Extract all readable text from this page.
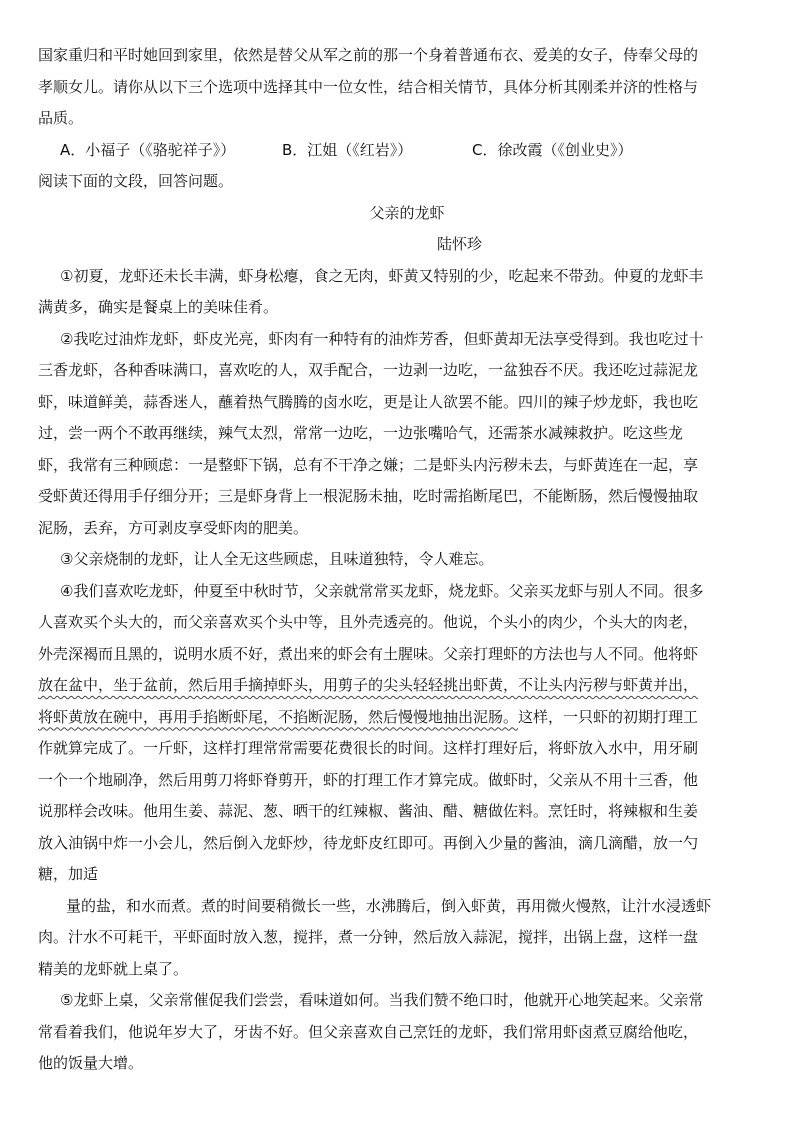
国家重归和平时她回到家里，依然是替父从军之前的那一个身着普通布衣、爱美的女子，侍奉父母的
孝顺女儿。请你从以下三个选项中选择其中一位女性，结合相关情节，具体分析其刚柔并济的性格与
品质。
A．小福子（《骆驼祥子》）	B．江姐（《红岩》）	C．徐改霞（《创业史》）
阅读下面的文段，回答问题。
父亲的龙虾
陆怀珍
①初夏，龙虾还未长丰满，虾身松瘪，食之无肉，虾黄又特别的少，吃起来不带劲。仲夏的龙虾丰
满黄多，确实是餐桌上的美味佳肴。
②我吃过油炸龙虾，虾皮光亮，虾肉有一种特有的油炸芳香，但虾黄却无法享受得到。我也吃过十
三香龙虾，各种香味满口，喜欢吃的人，双手配合，一边剥一边吃，一盆独吞不厌。我还吃过蒜泥龙
虾，味道鲜美，蒜香迷人，蘸着热气腾腾的卤水吃，更是让人欲罢不能。四川的辣子炒龙虾，我也吃
过，尝一两个不敢再继续，辣气太烈，常常一边吃，一边张嘴哈气，还需茶水减辣救护。吃这些龙
虾，我常有三种顾虑：一是整虾下锅，总有不干净之嫌；二是虾头内污秽未去，与虾黄连在一起，享
受虾黄还得用手仔细分开；三是虾身背上一根泥肠未抽，吃时需掐断尾巴，不能断肠，然后慢慢抽取
泥肠，丢弃，方可剥皮享受虾肉的肥美。
③父亲烧制的龙虾，让人全无这些顾虑，且味道独特，令人难忘。
④我们喜欢吃龙虾，仲夏至中秋时节，父亲就常常买龙虾，烧龙虾。父亲买龙虾与别人不同。很多
人喜欢买个头大的，而父亲喜欢买个头中等，且外壳透亮的。他说，个头小的肉少，个头大的肉老，
外壳深褐而且黑的，说明水质不好，煮出来的虾会有土腥味。父亲打理虾的方法也与人不同。他将虾
放在盆中，坐于盆前，然后用手摘掉虾头，用剪子的尖头轻轻挑出虾黄，不让头内污秽与虾黄并出，
将虾黄放在碗中，再用手掐断虾尾，不掐断泥肠，然后慢慢地抽出泥肠。这样，一只虾的初期打理工
作就算完成了。一斤虾，这样打理常常需要花费很长的时间。这样打理好后，将虾放入水中，用牙刷
一个一个地刷净，然后用剪刀将虾脊剪开，虾的打理工作才算完成。做虾时，父亲从不用十三香，他
说那样会改味。他用生姜、蒜泥、葱、晒干的红辣椒、酱油、醋、糖做佐料。烹饪时，将辣椒和生姜
放入油锅中炸一小会儿，然后倒入龙虾炒，待龙虾皮红即可。再倒入少量的酱油，滴几滴醋，放一勺
糖，加适
量的盐，和水而煮。煮的时间要稍微长一些，水沸腾后，倒入虾黄，再用微火慢熬，让汁水浸透虾
肉。汁水不可耗干，平虾面时放入葱，搅拌，煮一分钟，然后放入蒜泥，搅拌，出锅上盘，这样一盘
精美的龙虾就上桌了。
⑤龙虾上桌，父亲常催促我们尝尝，看味道如何。当我们赞不绝口时，他就开心地笑起来。父亲常
常看着我们，他说年岁大了，牙齿不好。但父亲喜欢自己烹饪的龙虾，我们常用虾卤煮豆腐给他吃，
他的饭量大增。
